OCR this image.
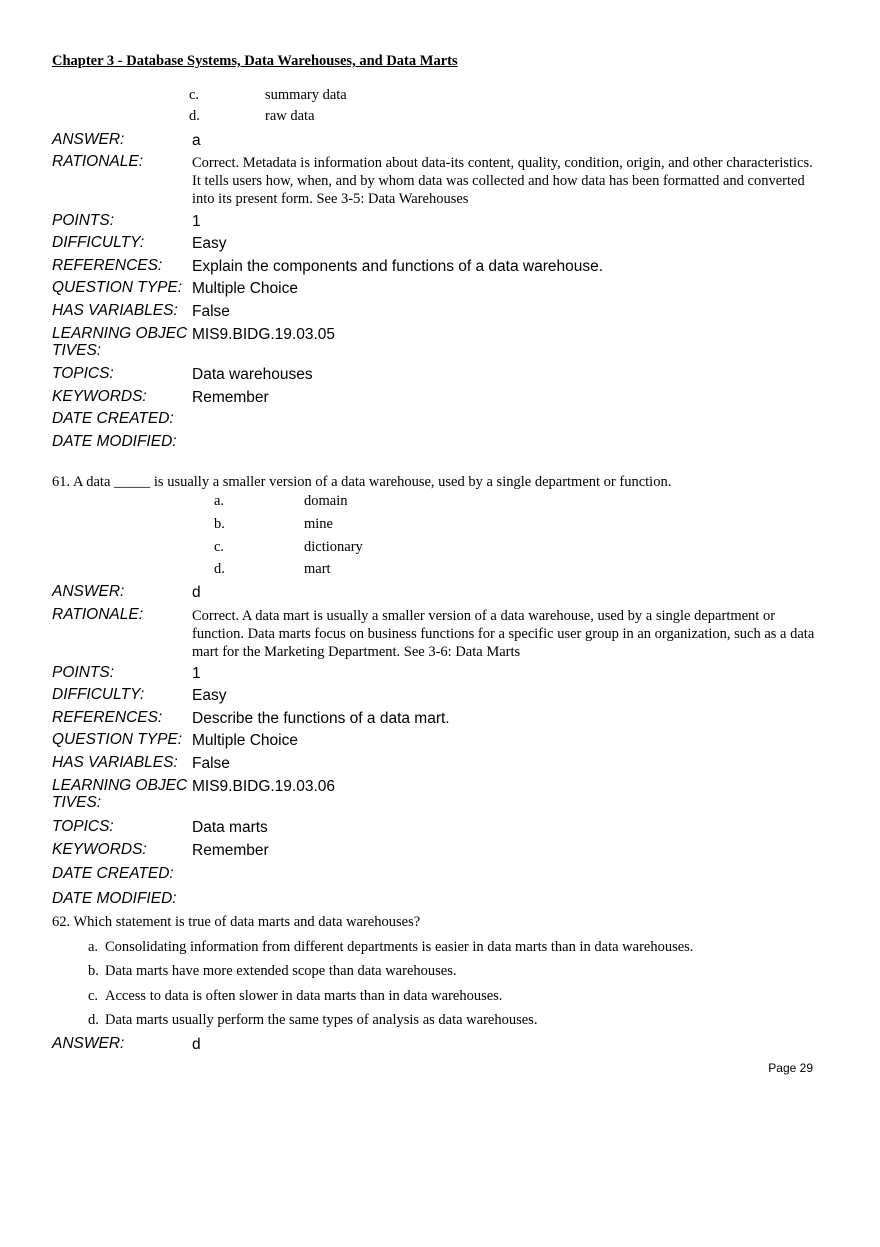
Chapter 3 - Database Systems, Data Warehouses, and Data Marts
c.	summary data
d.	raw data
ANSWER:	a
RATIONALE:	Correct. Metadata is information about data-its content, quality, condition, origin, and other characteristics. It tells users how, when, and by whom data was collected and how data has been formatted and converted into its present form. See 3-5: Data Warehouses
POINTS:	1
DIFFICULTY:	Easy
REFERENCES: Explain the components and functions of a data warehouse.
QUESTION TYPE: Multiple Choice
HAS VARIABLES: False
LEARNING OBJEC
TIVES:
MIS9.BIDG.19.03.05
TOPICS:	Data warehouses
KEYWORDS:	Remember
DATE CREATED:
DATE MODIFIED:
61. A data _____ is usually a smaller version of a data warehouse, used by a single department or function.
a.	domain
b.	mine
c.	dictionary
d.	mart
ANSWER:	d
RATIONALE:	Correct. A data mart is usually a smaller version of a data warehouse, used by a single department or function. Data marts focus on business functions for a specific user group in an organization, such as a data mart for the Marketing Department. See 3-6: Data Marts
POINTS:	1
DIFFICULTY:	Easy
REFERENCES: Describe the functions of a data mart.
QUESTION TYPE: Multiple Choice
HAS VARIABLES: False
LEARNING OBJEC
TIVES:
MIS9.BIDG.19.03.06
TOPICS:	Data marts
KEYWORDS:	Remember
DATE CREATED:
DATE MODIFIED:
62. Which statement is true of data marts and data warehouses?
a. Consolidating information from different departments is easier in data marts than in data warehouses.
b. Data marts have more extended scope than data warehouses.
c. Access to data is often slower in data marts than in data warehouses.
d. Data marts usually perform the same types of analysis as data warehouses.
ANSWER:	d
Page 29
